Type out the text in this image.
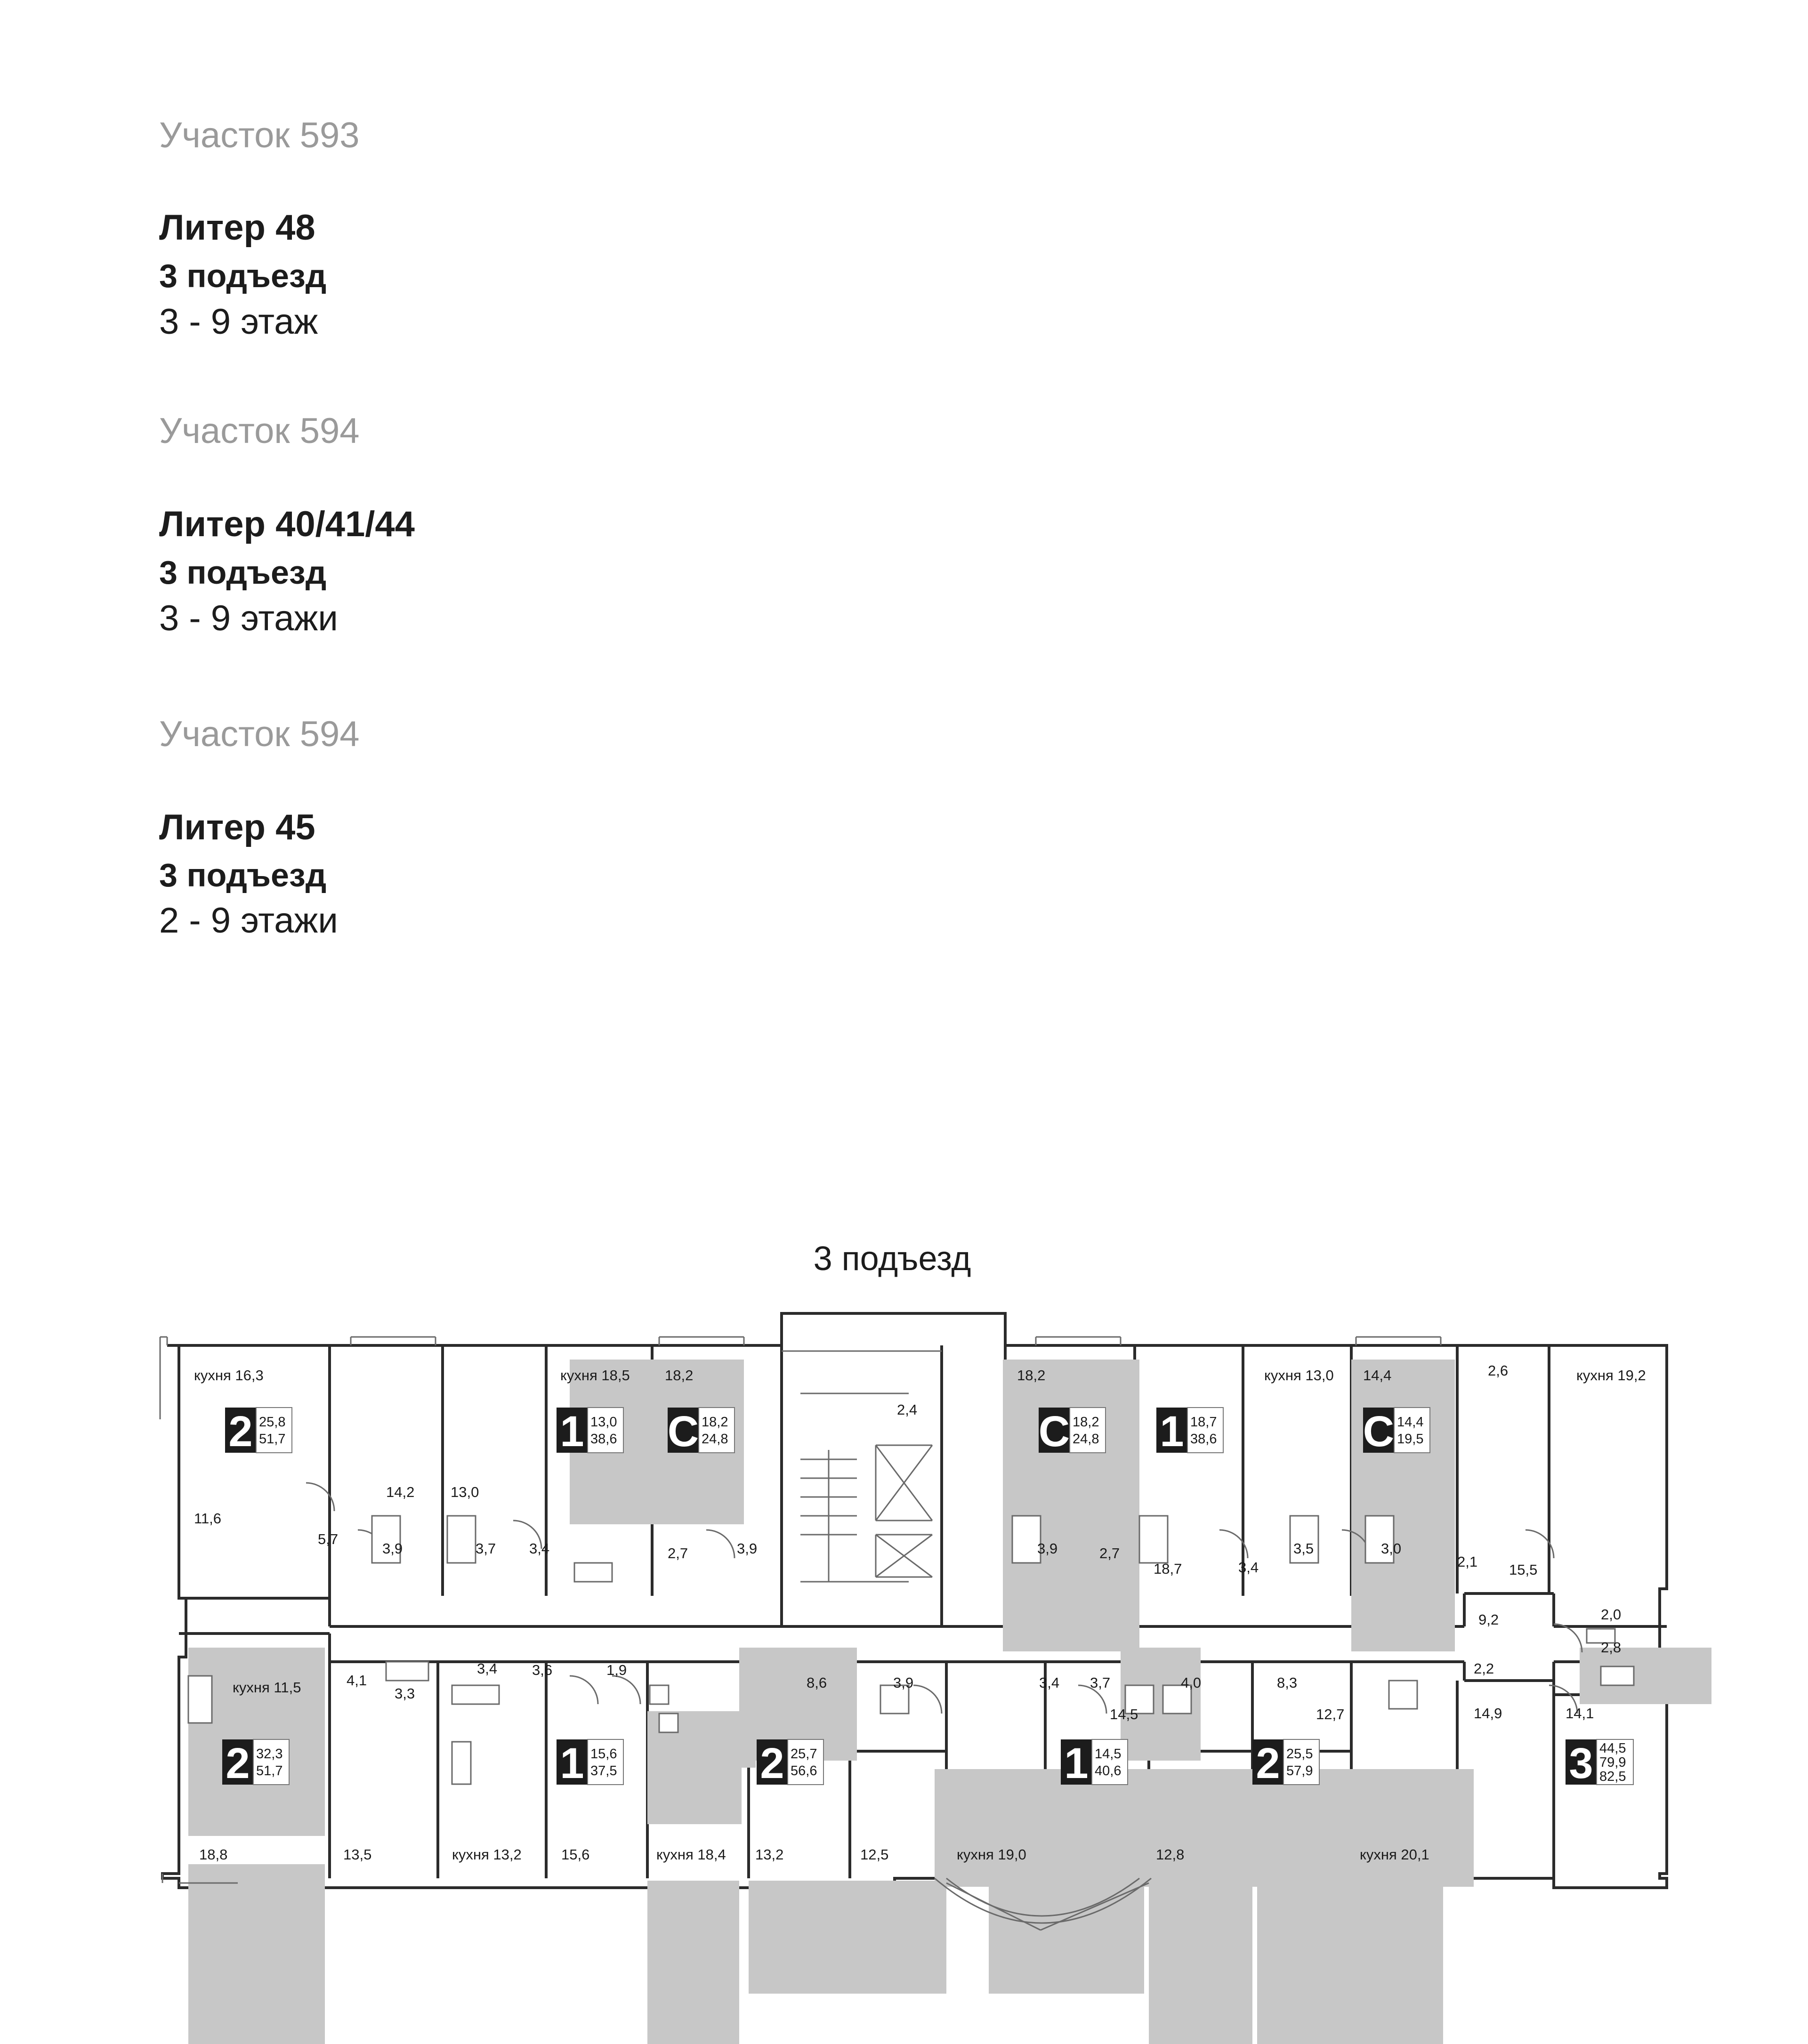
Участок 593
Литер 48
3 подъезд
3 - 9 этаж
Участок 594
Литер 40/41/44
3 подъезд
3 - 9 этажи
Участок 594
Литер 45
3 подъезд
2 - 9 этажи
3 подъезд
2 25,8
51,7	1 13,0
38,6 С 18,2
24,8	С 18,2
24,8 1 18,7
38,6	С 14,4
19,5
2 32,3
51,7	1 15,6
37,5	2 25,7
56,6	1 14,5
40,6	2 25,5
57,9	3 44,5
79,9
82,5
кухня 16,3
14,2 13,0
кухня 18,5 18,2
2,4
18,2	кухня 13,0 14,4	2,6	кухня 19,2
11,6
5,7
3,9	3,7 3,4	2,7	3,9	3,9	2,7
18,7	3,4
3,5	3,0
2,1 15,5
9,2	2,0
2,8
2,2
кухня 11,5	4,1
3,3
3,4 3,6	1,9
8,6	3,9	3,4 3,7	4,0	8,3
14,5	12,7	14,9	14,1
18,8	13,5	кухня 13,2	15,6	кухня 18,4 13,2	12,5	кухня 19,0	12,8	кухня 20,1
